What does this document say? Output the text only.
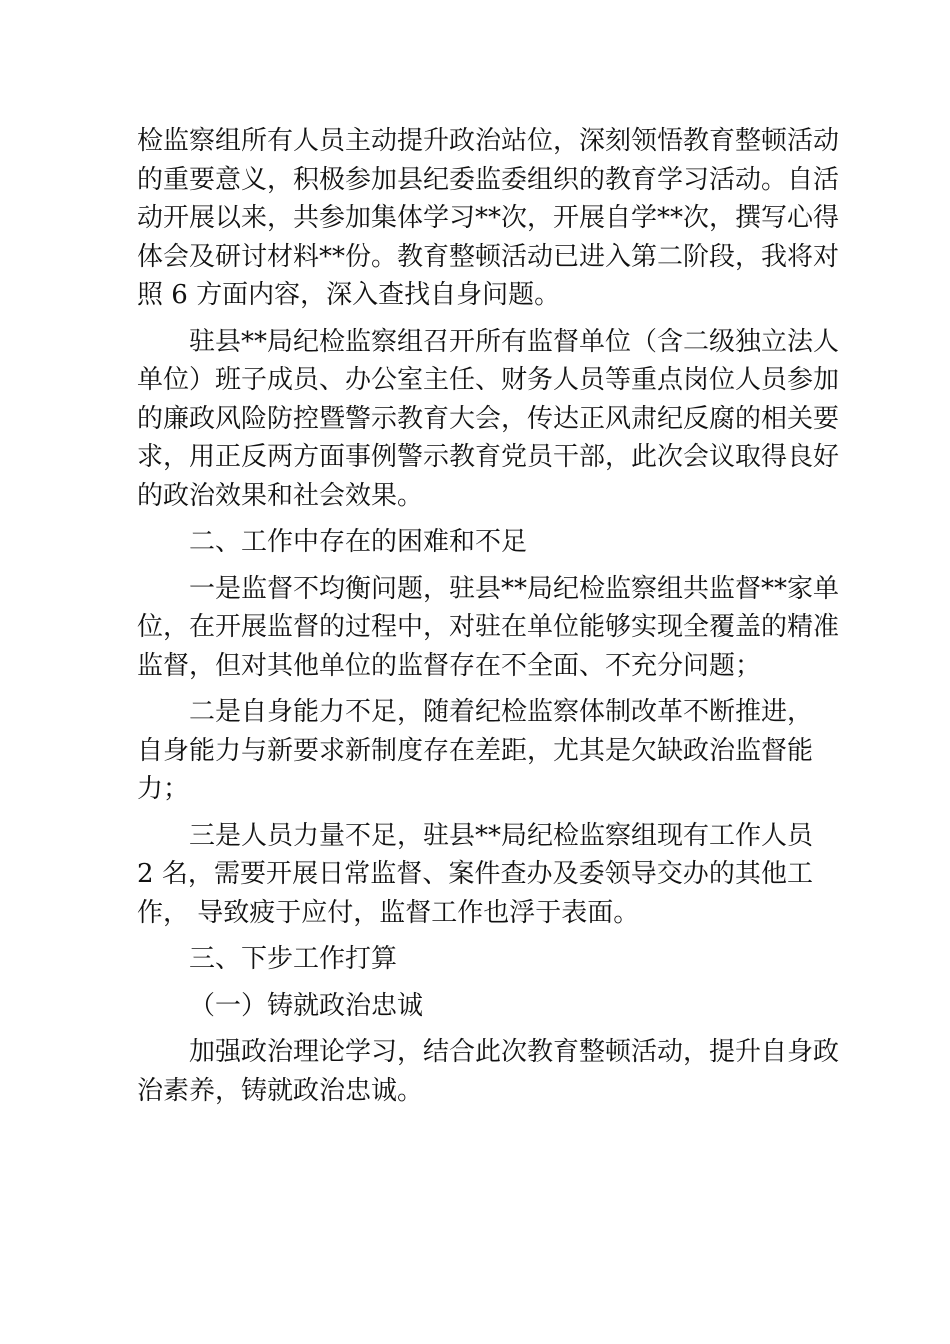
检监察组所有人员主动提升政治站位，深刻领悟教育整顿活动
的重要意义，积极参加县纪委监委组织的教育学习活动。自活
动开展以来，共参加集体学习**次，开展自学**次，撰写心得
体会及研讨材料**份。教育整顿活动已进入第二阶段，我将对
照 6 方面内容，深入查找自身问题。
驻县**局纪检监察组召开所有监督单位（含二级独立法人
单位）班子成员、办公室主任、财务人员等重点岗位人员参加
的廉政风险防控暨警示教育大会，传达正风肃纪反腐的相关要
求，用正反两方面事例警示教育党员干部，此次会议取得良好
的政治效果和社会效果。
二、工作中存在的困难和不足
一是监督不均衡问题，驻县**局纪检监察组共监督**家单
位，在开展监督的过程中，对驻在单位能够实现全覆盖的精准
监督，但对其他单位的监督存在不全面、不充分问题；
二是自身能力不足，随着纪检监察体制改革不断推进，
自身能力与新要求新制度存在差距，尤其是欠缺政治监督能
力；
三是人员力量不足，驻县**局纪检监察组现有工作人员
2 名，需要开展日常监督、案件查办及委领导交办的其他工
作， 导致疲于应付，监督工作也浮于表面。
三、下步工作打算
（一）铸就政治忠诚
加强政治理论学习，结合此次教育整顿活动，提升自身政
治素养，铸就政治忠诚。
